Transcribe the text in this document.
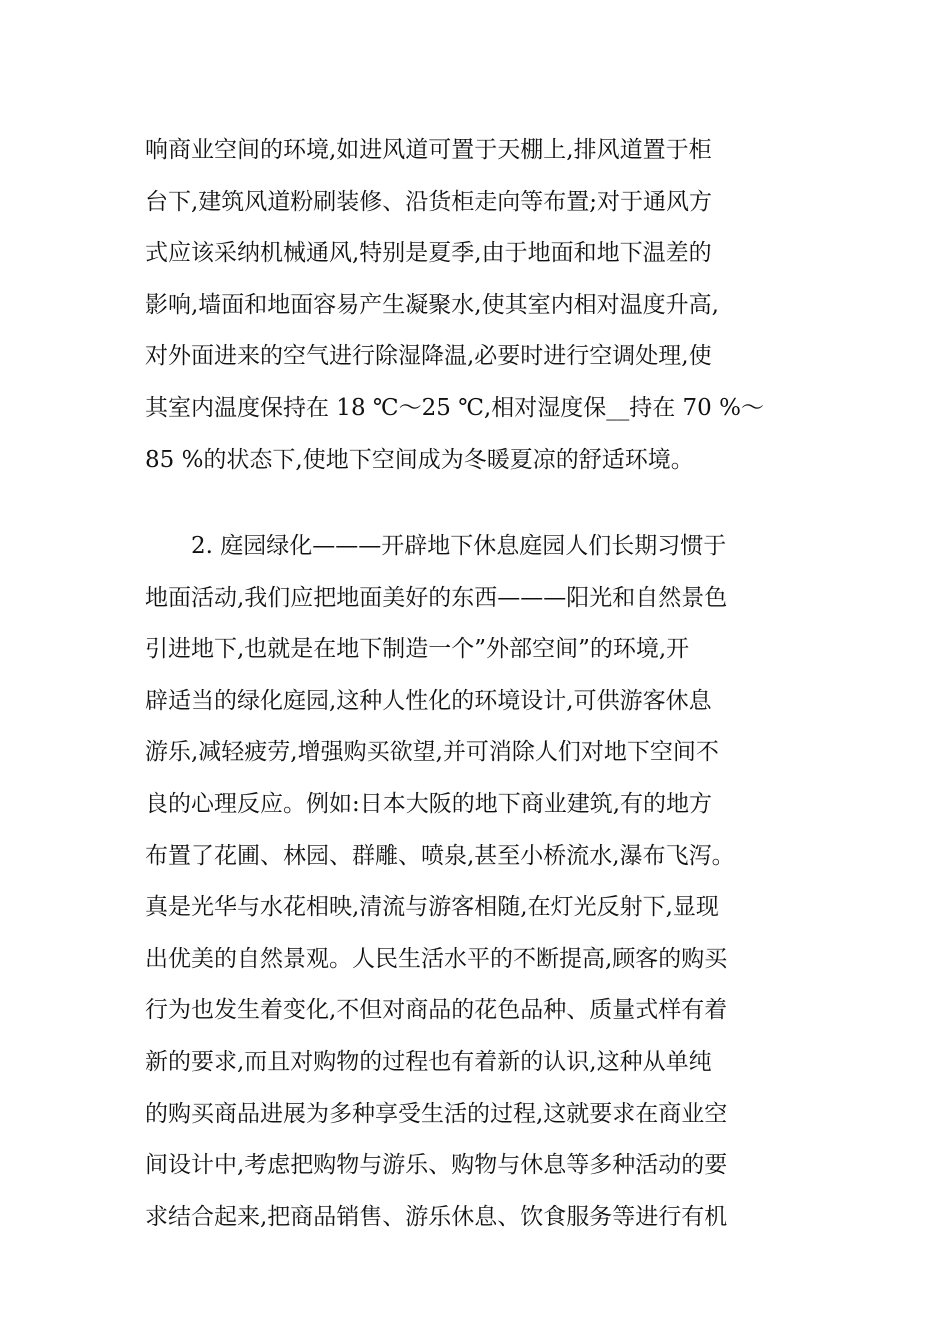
响商业空间的环境,如进风道可置于天棚上,排风道置于柜
台下,建筑风道粉刷装修、沿货柜走向等布置;对于通风方
式应该采纳机械通风,特别是夏季,由于地面和地下温差的
影响,墙面和地面容易产生凝聚水,使其室内相对温度升高,
对外面进来的空气进行除湿降温,必要时进行空调处理,使
其室内温度保持在 18 ℃～25 ℃,相对湿度保__持在 70 %～
85 %的状态下,使地下空间成为冬暖夏凉的舒适环境。

　　2. 庭园绿化———开辟地下休息庭园人们长期习惯于
地面活动,我们应把地面美好的东西———阳光和自然景色
引进地下,也就是在地下制造一个”外部空间”的环境,开
辟适当的绿化庭园,这种人性化的环境设计,可供游客休息
游乐,减轻疲劳,增强购买欲望,并可消除人们对地下空间不
良的心理反应。例如:日本大阪的地下商业建筑,有的地方
布置了花圃、林园、群雕、喷泉,甚至小桥流水,瀑布飞泻。
真是光华与水花相映,清流与游客相随,在灯光反射下,显现
出优美的自然景观。人民生活水平的不断提高,顾客的购买
行为也发生着变化,不但对商品的花色品种、质量式样有着
新的要求,而且对购物的过程也有着新的认识,这种从单纯
的购买商品进展为多种享受生活的过程,这就要求在商业空
间设计中,考虑把购物与游乐、购物与休息等多种活动的要
求结合起来,把商品销售、游乐休息、饮食服务等进行有机
